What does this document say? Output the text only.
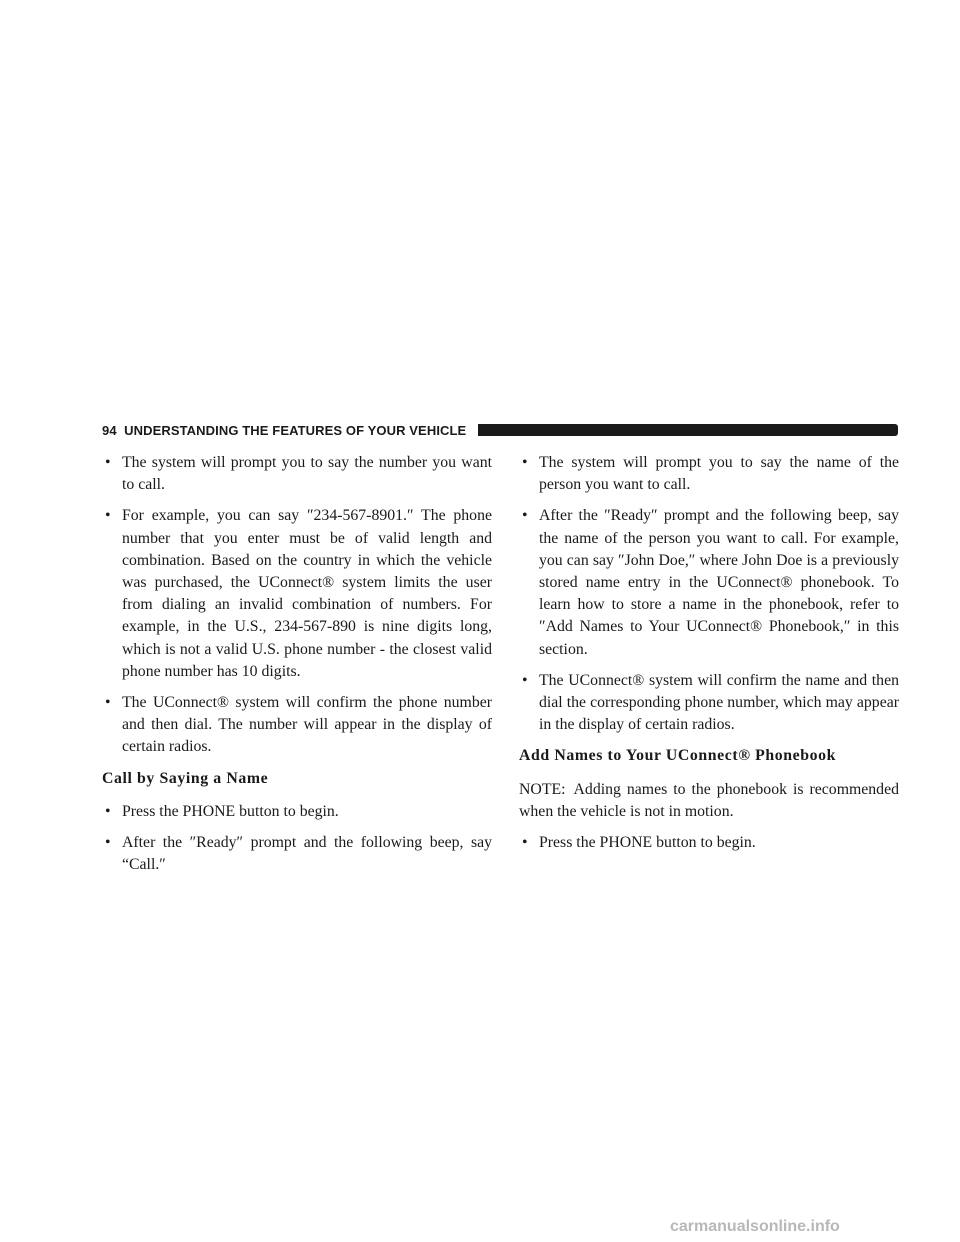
94 UNDERSTANDING THE FEATURES OF YOUR VEHICLE
• The system will prompt you to say the number you want to call.

• For example, you can say ″234-567-8901.″ The phone number that you enter must be of valid length and combination. Based on the country in which the vehicle was purchased, the UConnect® system limits the user from dialing an invalid combination of numbers. For example, in the U.S., 234-567-890 is nine digits long, which is not a valid U.S. phone number - the closest valid phone number has 10 digits.

• The UConnect® system will confirm the phone number and then dial. The number will appear in the display of certain radios.

Call by Saying a Name

• Press the PHONE button to begin.

• After the ″Ready″ prompt and the following beep, say “Call.″

• The system will prompt you to say the name of the person you want to call.

• After the ″Ready″ prompt and the following beep, say the name of the person you want to call. For example, you can say ″John Doe,″ where John Doe is a previously stored name entry in the UConnect® phonebook. To learn how to store a name in the phonebook, refer to ″Add Names to Your UConnect® Phonebook,″ in this section.

• The UConnect® system will confirm the name and then dial the corresponding phone number, which may appear in the display of certain radios.

Add Names to Your UConnect® Phonebook

NOTE: Adding names to the phonebook is recommended when the vehicle is not in motion.

• Press the PHONE button to begin.

carmanualsonline.info
